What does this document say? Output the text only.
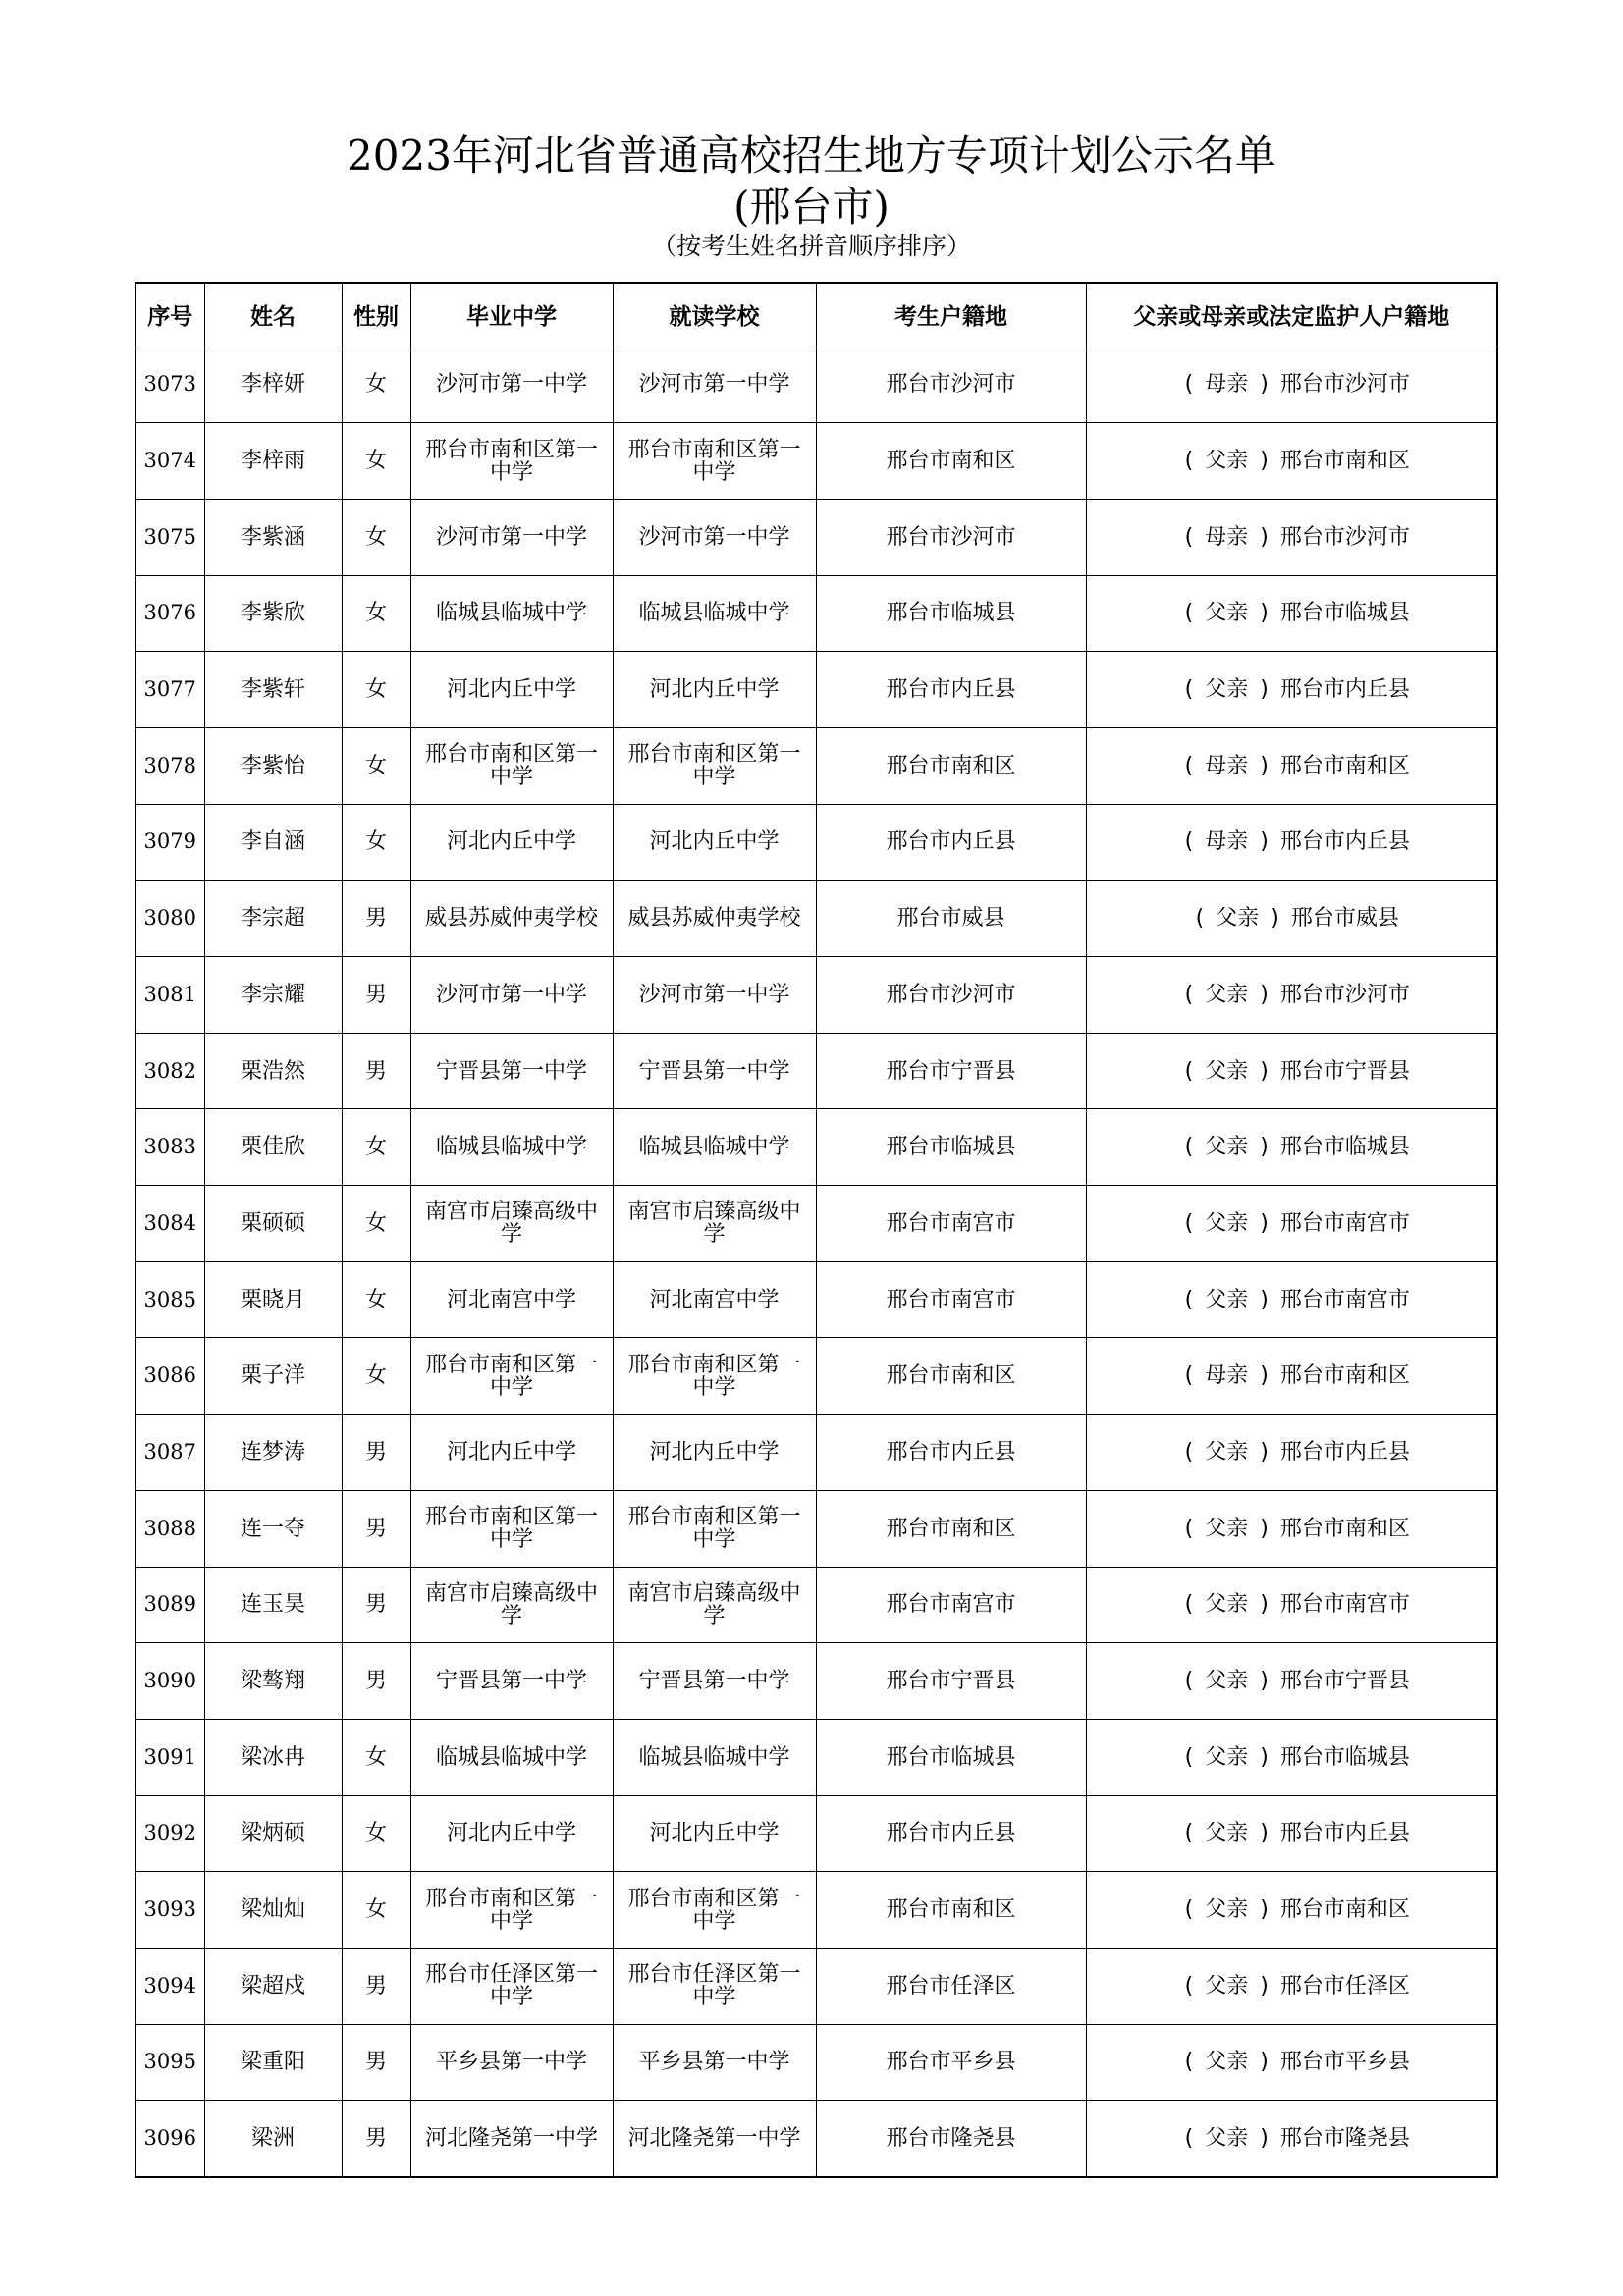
2023年河北省普通高校招生地方专项计划公示名单
(邢台市)
（按考生姓名拼音顺序排序）
序号	姓名	性别	毕业中学	就读学校	考生户籍地	父亲或母亲或法定监护人户籍地
3073	李梓妍	女	沙河市第一中学	沙河市第一中学	邢台市沙河市	( 母亲 ) 邢台市沙河市
3074	李梓雨	女	邢台市南和区第一中学	邢台市南和区第一中学	邢台市南和区	( 父亲 ) 邢台市南和区
3075	李紫涵	女	沙河市第一中学	沙河市第一中学	邢台市沙河市	( 母亲 ) 邢台市沙河市
3076	李紫欣	女	临城县临城中学	临城县临城中学	邢台市临城县	( 父亲 ) 邢台市临城县
3077	李紫轩	女	河北内丘中学	河北内丘中学	邢台市内丘县	( 父亲 ) 邢台市内丘县
3078	李紫怡	女	邢台市南和区第一中学	邢台市南和区第一中学	邢台市南和区	( 母亲 ) 邢台市南和区
3079	李自涵	女	河北内丘中学	河北内丘中学	邢台市内丘县	( 母亲 ) 邢台市内丘县
3080	李宗超	男	威县苏威仲夷学校	威县苏威仲夷学校	邢台市威县	( 父亲 ) 邢台市威县
3081	李宗耀	男	沙河市第一中学	沙河市第一中学	邢台市沙河市	( 父亲 ) 邢台市沙河市
3082	栗浩然	男	宁晋县第一中学	宁晋县第一中学	邢台市宁晋县	( 父亲 ) 邢台市宁晋县
3083	栗佳欣	女	临城县临城中学	临城县临城中学	邢台市临城县	( 父亲 ) 邢台市临城县
3084	栗硕硕	女	南宫市启臻高级中学	南宫市启臻高级中学	邢台市南宫市	( 父亲 ) 邢台市南宫市
3085	栗晓月	女	河北南宫中学	河北南宫中学	邢台市南宫市	( 父亲 ) 邢台市南宫市
3086	栗子洋	女	邢台市南和区第一中学	邢台市南和区第一中学	邢台市南和区	( 母亲 ) 邢台市南和区
3087	连梦涛	男	河北内丘中学	河北内丘中学	邢台市内丘县	( 父亲 ) 邢台市内丘县
3088	连一夺	男	邢台市南和区第一中学	邢台市南和区第一中学	邢台市南和区	( 父亲 ) 邢台市南和区
3089	连玉昊	男	南宫市启臻高级中学	南宫市启臻高级中学	邢台市南宫市	( 父亲 ) 邢台市南宫市
3090	梁骜翔	男	宁晋县第一中学	宁晋县第一中学	邢台市宁晋县	( 父亲 ) 邢台市宁晋县
3091	梁冰冉	女	临城县临城中学	临城县临城中学	邢台市临城县	( 父亲 ) 邢台市临城县
3092	梁炳硕	女	河北内丘中学	河北内丘中学	邢台市内丘县	( 父亲 ) 邢台市内丘县
3093	梁灿灿	女	邢台市南和区第一中学	邢台市南和区第一中学	邢台市南和区	( 父亲 ) 邢台市南和区
3094	梁超戍	男	邢台市任泽区第一中学	邢台市任泽区第一中学	邢台市任泽区	( 父亲 ) 邢台市任泽区
3095	梁重阳	男	平乡县第一中学	平乡县第一中学	邢台市平乡县	( 父亲 ) 邢台市平乡县
3096	梁洲	男	河北隆尧第一中学	河北隆尧第一中学	邢台市隆尧县	( 父亲 ) 邢台市隆尧县
